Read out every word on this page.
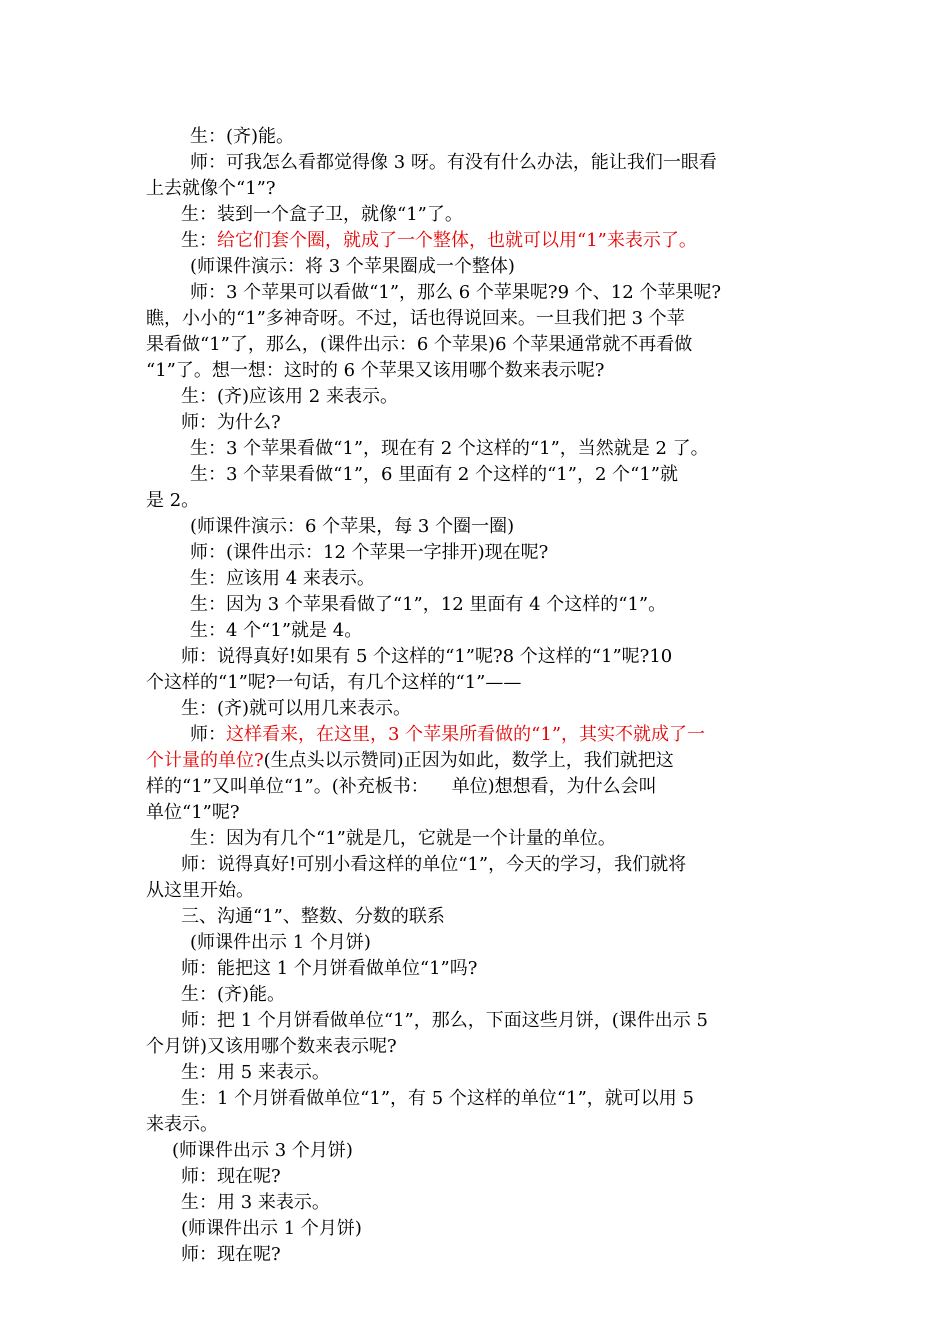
生：(齐)能。
师：可我怎么看都觉得像 3 呀。有没有什么办法，能让我们一眼看
上去就像个“1”?
生：装到一个盒子卫，就像“1”了。
生：给它们套个圈，就成了一个整体，也就可以用“1”来表示了。
(师课件演示：将 3 个苹果圈成一个整体)
师：3 个苹果可以看做“1”，那么 6 个苹果呢?9 个、12 个苹果呢?
瞧，小小的“1”多神奇呀。不过，话也得说回来。一旦我们把 3 个苹
果看做“1”了，那么，(课件出示：6 个苹果)6 个苹果通常就不再看做
“1”了。想一想：这时的 6 个苹果又该用哪个数来表示呢?
生：(齐)应该用 2 来表示。
师：为什么?
生：3 个苹果看做“1”，现在有 2 个这样的“1”，当然就是 2 了。
生：3 个苹果看做“1”，6 里面有 2 个这样的“1”，2 个“1”就
是 2。
(师课件演示：6 个苹果，每 3 个圈一圈)
师：(课件出示：12 个苹果一字排开)现在呢?
生：应该用 4 来表示。
生：因为 3 个苹果看做了“1”，12 里面有 4 个这样的“1”。
生：4 个“1”就是 4。
师：说得真好!如果有 5 个这样的“1”呢?8 个这样的“1”呢?10
个这样的“1”呢?一句话，有几个这样的“1”——
生：(齐)就可以用几来表示。
师：这样看来，在这里，3 个苹果所看做的“1”，其实不就成了一
个计量的单位?(生点头以示赞同)正因为如此，数学上，我们就把这
样的“1”又叫单位“1”。(补充板书：    单位)想想看，为什么会叫
单位“1”呢?
生：因为有几个“1”就是几，它就是一个计量的单位。
师：说得真好!可别小看这样的单位“1”，今天的学习，我们就将
从这里开始。
三、沟通“1”、整数、分数的联系
(师课件出示 1 个月饼)
师：能把这 1 个月饼看做单位“1”吗?
生：(齐)能。
师：把 1 个月饼看做单位“1”，那么，下面这些月饼，(课件出示 5
个月饼)又该用哪个数来表示呢?
生：用 5 来表示。
生：1 个月饼看做单位“1”，有 5 个这样的单位“1”，就可以用 5
来表示。
(师课件出示 3 个月饼)
师：现在呢?
生：用 3 来表示。
(师课件出示 1 个月饼)
师：现在呢?
